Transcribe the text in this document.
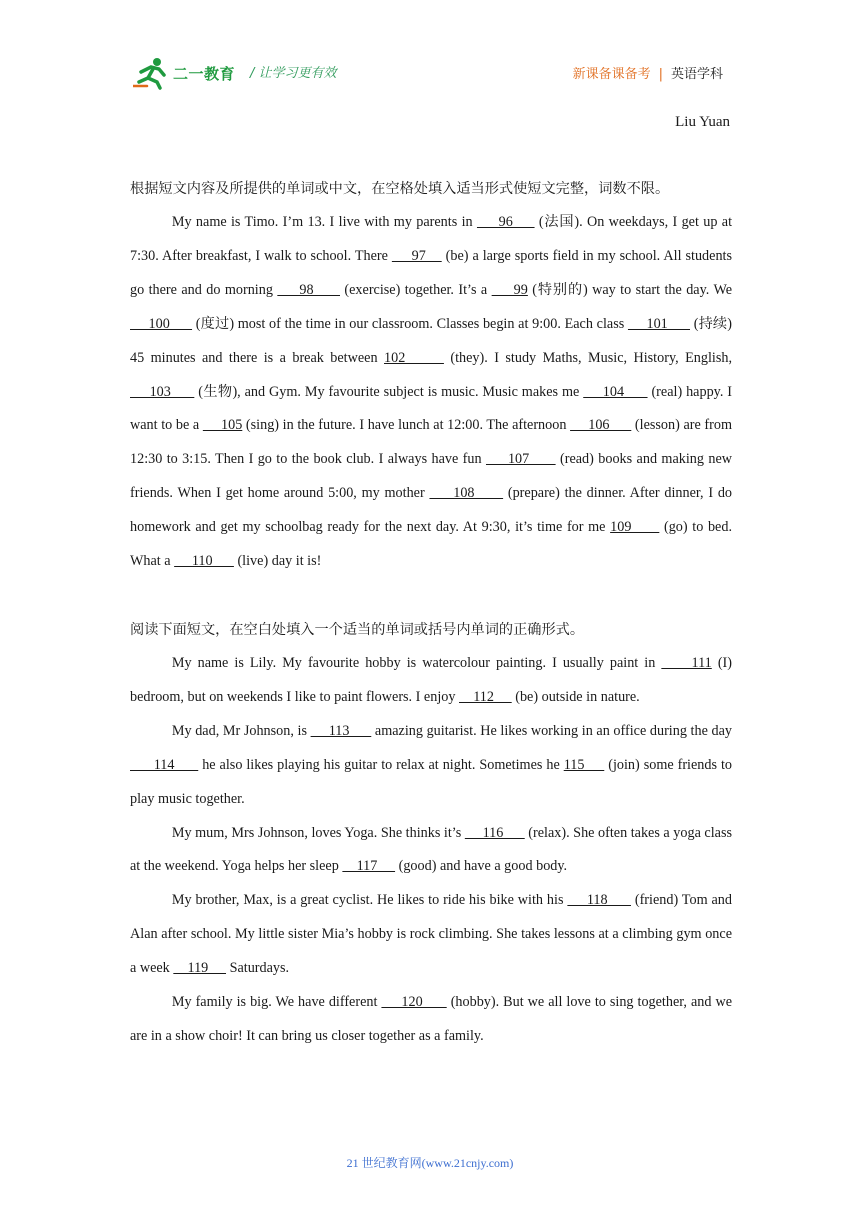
二一教育 / 让学习更有效	新课备课备考 | 英语学科
Liu Yuan

根据短文内容及所提供的单词或中文，在空格处填入适当形式使短文完整，词数不限。

My name is Timo. I’m 13. I live with my parents in      96      (法国). On weekdays, I get up at 7:30. After breakfast, I walk to school. There      97     (be) a large sports field in my school. All students go there and do morning      98       (exercise) together. It’s a      99 (特别的) way to start the day. We      100       (度过) most of the time in our classroom. Classes begin at 9:00. Each class      101       (持续) 45 minutes and there is a break between 102       (they). I study Maths, Music, History, English,      103       (生物), and Gym. My favourite subject is music. Music makes me      104       (real) happy. I want to be a      105 (sing) in the future. I have lunch at 12:00. The afternoon      106       (lesson) are from 12:30 to 3:15. Then I go to the book club. I always have fun      107       (read) books and making new friends. When I get home around 5:00, my mother      108       (prepare) the dinner. After dinner, I do homework and get my schoolbag ready for the next day. At 9:30, it’s time for me 109       (go) to bed. What a      110       (live) day it is!

阅读下面短文，在空白处填入一个适当的单词或括号内单词的正确形式。

My name is Lily. My favourite hobby is watercolour painting. I usually paint in      111 (I) bedroom, but on weekends I like to paint flowers. I enjoy     112      (be) outside in nature.

My dad, Mr Johnson, is      113       amazing guitarist. He likes working in an office during the day       114       he also likes playing his guitar to relax at night. Sometimes he 115      (join) some friends to play music together.

My mum, Mrs Johnson, loves Yoga. She thinks it’s      116       (relax). She often takes a yoga class at the weekend. Yoga helps her sleep     117      (good) and have a good body.

My brother, Max, is a great cyclist. He likes to ride his bike with his      118       (friend) Tom and Alan after school. My little sister Mia’s hobby is rock climbing. She takes lessons at a climbing gym once a week     119      Saturdays.

My family is big. We have different      120       (hobby). But we all love to sing together, and we are in a show choir! It can bring us closer together as a family.

21 世纪教育网(www.21cnjy.com)
